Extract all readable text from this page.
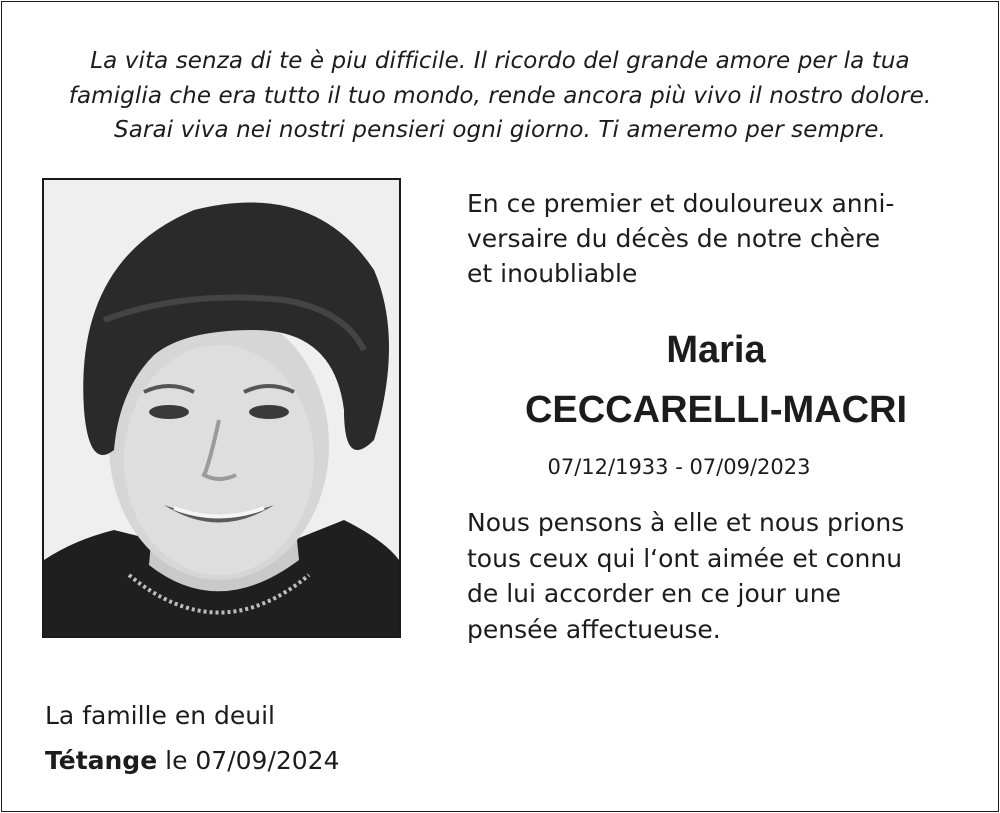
La vita senza di te è piu difficile. Il ricordo del grande amore per la tua
famiglia che era tutto il tuo mondo, rende ancora più vivo il nostro dolore.
Sarai viva nei nostri pensieri ogni giorno. Ti ameremo per sempre.
En ce premier et douloureux anni-
versaire du décès de notre chère
et inoubliable
Maria
CECCARELLI-MACRI
07/12/1933 - 07/09/2023
Nous pensons à elle et nous prions
tous ceux qui l‘ont aimée et connu
de lui accorder en ce jour une
pensée affectueuse.
La famille en deuil
Tétange le 07/09/2024
